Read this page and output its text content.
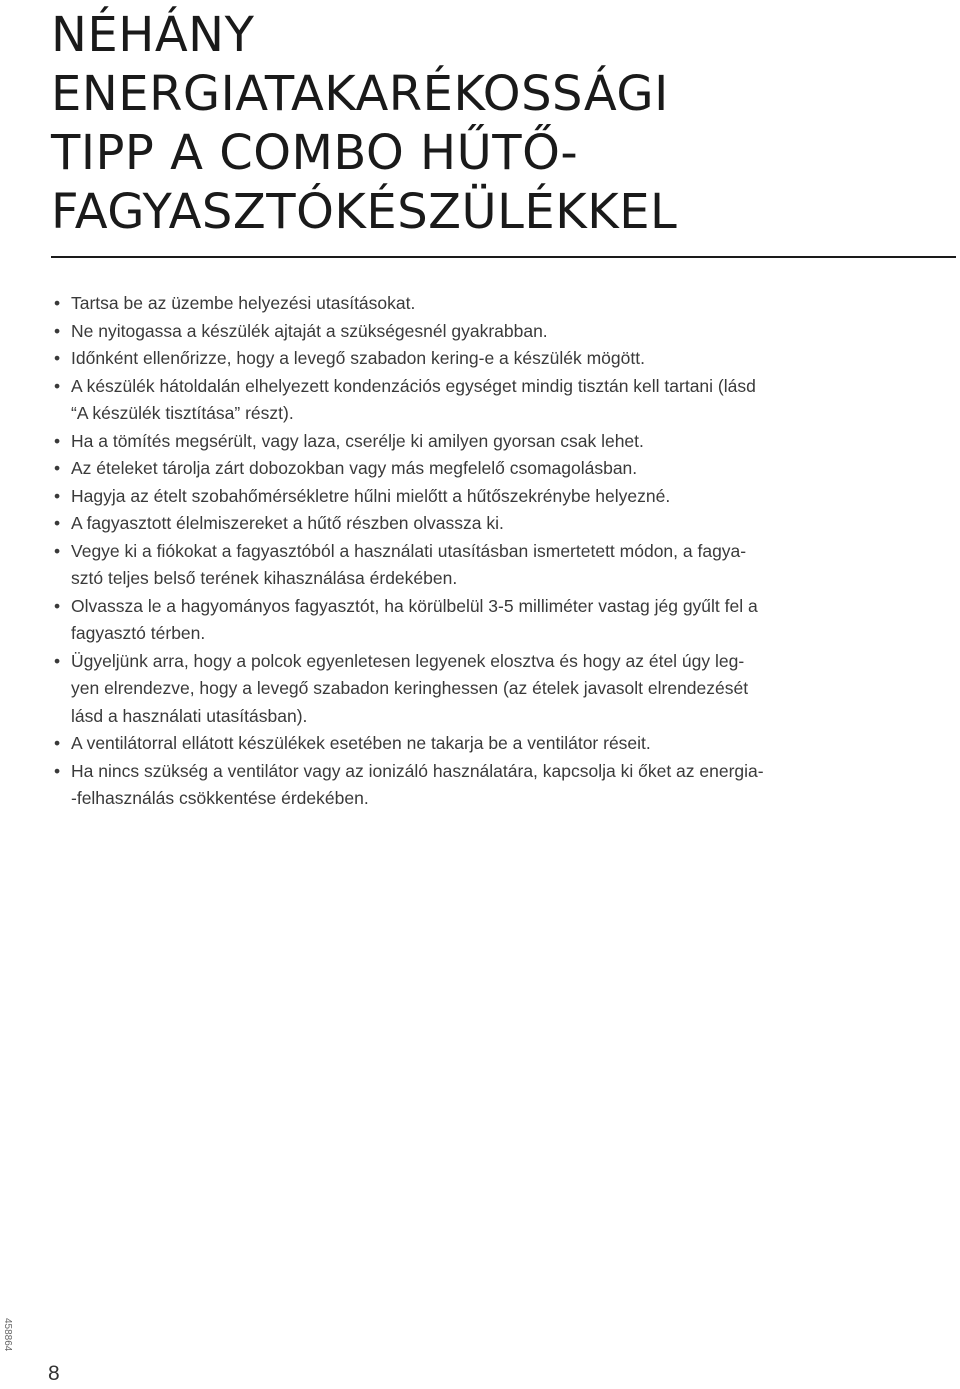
NÉHÁNY
ENERGIATAKARÉKOSSÁGI
TIPP A COMBO HŰTŐ-
FAGYASZTÓKÉSZÜLÉKKEL
• Tartsa be az üzembe helyezési utasításokat.
• Ne nyitogassa a készülék ajtaját a szükségesnél gyakrabban.
• Időnként ellenőrizze, hogy a levegő szabadon kering-e a készülék mögött.
• A készülék hátoldalán elhelyezett kondenzációs egységet mindig tisztán kell tartani (lásd
“A készülék tisztítása” részt).
• Ha a tömítés megsérült, vagy laza, cserélje ki amilyen gyorsan csak lehet.
• Az ételeket tárolja zárt dobozokban vagy más megfelelő csomagolásban.
• Hagyja az ételt szobahőmérsékletre hűlni mielőtt a hűtőszekrénybe helyezné.
• A fagyasztott élelmiszereket a hűtő részben olvassza ki.
• Vegye ki a fiókokat a fagyasztóból a használati utasításban ismertetett módon, a fagya-
sztó teljes belső terének kihasználása érdekében.
• Olvassza le a hagyományos fagyasztót, ha körülbelül 3-5 milliméter vastag jég gyűlt fel a
fagyasztó térben.
• Ügyeljünk arra, hogy a polcok egyenletesen legyenek elosztva és hogy az étel úgy leg-
yen elrendezve, hogy a levegő szabadon keringhessen (az ételek javasolt elrendezését
lásd a használati utasításban).
• A ventilátorral ellátott készülékek esetében ne takarja be a ventilátor réseit.
• Ha nincs szükség a ventilátor vagy az ionizáló használatára, kapcsolja ki őket az energia-
-felhasználás csökkentése érdekében.
8
458864
